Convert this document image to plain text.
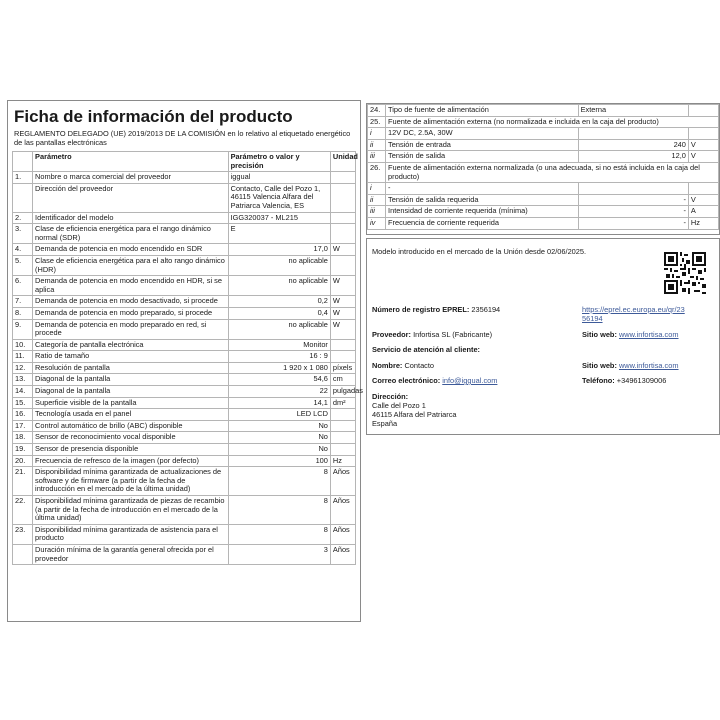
Ficha de información del producto
REGLAMENTO DELEGADO (UE) 2019/2013 DE LA COMISIÓN en lo relativo al etiquetado energético de las pantallas electrónicas
	Parámetro	Parámetro o valor y precisión	Unidad
1.	Nombre o marca comercial del proveedor	iggual	
	Dirección del proveedor	Contacto, Calle del Pozo 1, 46115 Valencia Alfara del Patriarca Valencia, ES	
2.	Identificador del modelo	IGG320037 - ML215	
3.	Clase de eficiencia energética para el rango dinámico normal (SDR)	E	
4.	Demanda de potencia en modo encendido en SDR	17,0	W
5.	Clase de eficiencia energética para el alto rango dinámico (HDR)	no aplicable	
6.	Demanda de potencia en modo encendido en HDR, si se aplica	no aplicable	W
7.	Demanda de potencia en modo desactivado, si procede	0,2	W
8.	Demanda de potencia en modo preparado, si procede	0,4	W
9.	Demanda de potencia en modo preparado en red, si procede	no aplicable	W
10.	Categoría de pantalla electrónica	Monitor	
11.	Ratio de tamaño	16 : 9	
12.	Resolución de pantalla	1 920 x 1 080	píxels
13.	Diagonal de la pantalla	54,6	cm
14.	Diagonal de la pantalla	22	pulgadas
15.	Superficie visible de la pantalla	14,1	dm²
16.	Tecnología usada en el panel	LED LCD	
17.	Control automático de brillo (ABC) disponible	No	
18.	Sensor de reconocimiento vocal disponible	No	
19.	Sensor de presencia disponible	No	
20.	Frecuencia de refresco de la imagen (por defecto)	100	Hz
21.	Disponibilidad mínima garantizada de actualizaciones de software y de firmware (a partir de la fecha de introducción en el mercado de la última unidad)	8	Años
22.	Disponibilidad mínima garantizada de piezas de recambio (a partir de la fecha de introducción en el mercado de la última unidad)	8	Años
23.	Disponibilidad mínima garantizada de asistencia para el producto	8	Años
	Duración mínima de la garantía general ofrecida por el proveedor	3	Años
24.	Tipo de fuente de alimentación	Externa	
25.	Fuente de alimentación externa (no normalizada e incluida en la caja del producto)		
i	12V DC, 2.5A, 30W		
ii	Tensión de entrada	240	V
iii	Tensión de salida	12,0	V
26.	Fuente de alimentación externa normalizada (o una adecuada, si no está incluida en la caja del producto)		
i	-		
ii	Tensión de salida requerida	-	V
iii	Intensidad de corriente requerida (mínima)	-	A
iv	Frecuencia de corriente requerida	-	Hz
Modelo introducido en el mercado de la Unión desde 02/06/2025.
Número de registro EPREL: 2356194	https://eprel.ec.europa.eu/qr/23
56194
Proveedor: Infortisa SL (Fabricante)	Sitio web: www.infortisa.com
Servicio de atención al cliente:
Nombre: Contacto	Sitio web: www.infortisa.com
Correo electrónico: info@iggual.com	Teléfono: +34961309006
Dirección:
Calle del Pozo 1
46115 Alfara del Patriarca
España
